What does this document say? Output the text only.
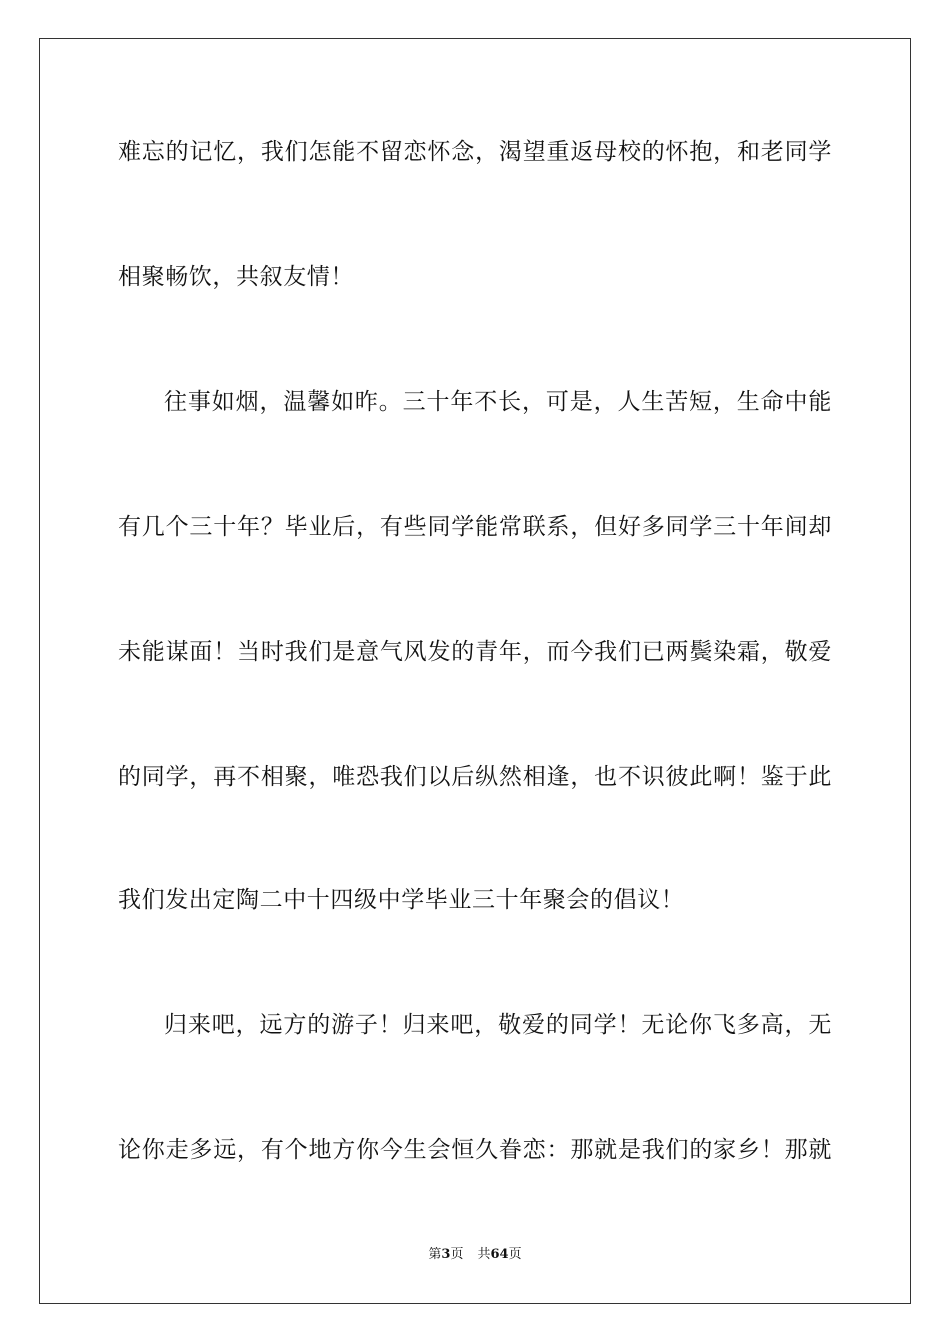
难忘的记忆，我们怎能不留恋怀念，渴望重返母校的怀抱，和老同学
相聚畅饮，共叙友情！
往事如烟，温馨如昨。三十年不长，可是，人生苦短，生命中能
有几个三十年？毕业后，有些同学能常联系，但好多同学三十年间却
未能谋面！当时我们是意气风发的青年，而今我们已两鬓染霜，敬爱
的同学，再不相聚，唯恐我们以后纵然相逢，也不识彼此啊！鉴于此
我们发出定陶二中十四级中学毕业三十年聚会的倡议！
归来吧，远方的游子！归来吧，敬爱的同学！无论你飞多高，无
论你走多远，有个地方你今生会恒久眷恋：那就是我们的家乡！那就
第3页 共64页
